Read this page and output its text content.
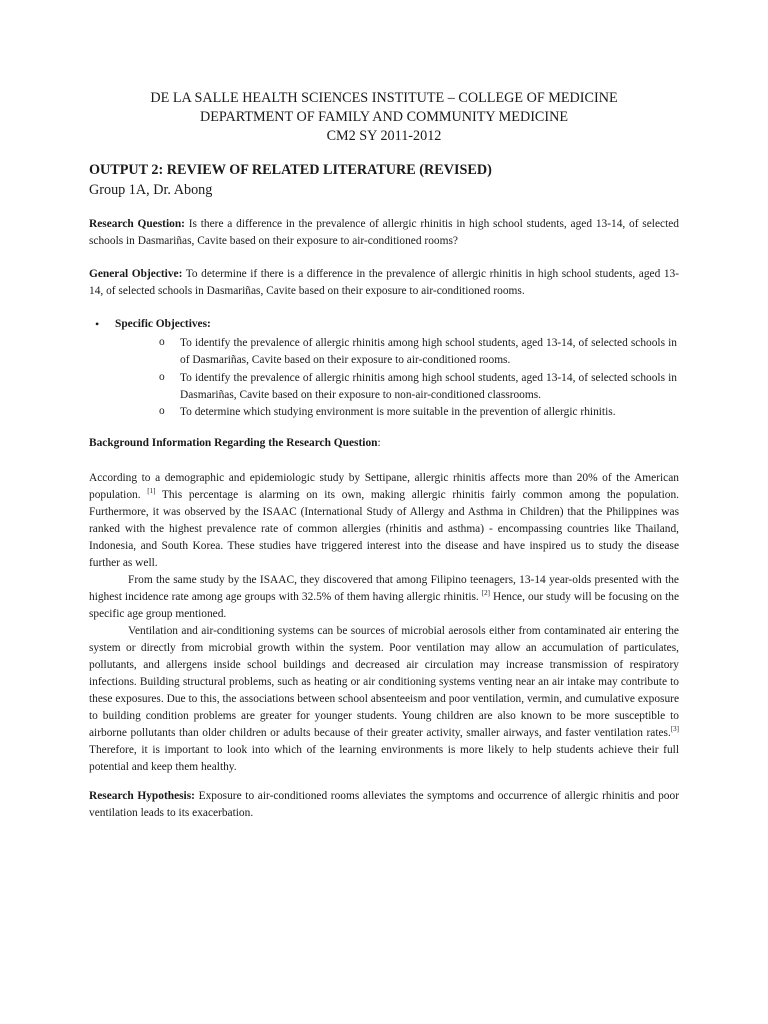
DE LA SALLE HEALTH SCIENCES INSTITUTE – COLLEGE OF MEDICINE
DEPARTMENT OF FAMILY AND COMMUNITY MEDICINE
CM2 SY 2011-2012
OUTPUT 2: REVIEW OF RELATED LITERATURE (REVISED)
Group 1A, Dr. Abong
Research Question: Is there a difference in the prevalence of allergic rhinitis in high school students, aged 13-14, of selected schools in Dasmariñas, Cavite based on their exposure to air-conditioned rooms?
General Objective: To determine if there is a difference in the prevalence of allergic rhinitis in high school students, aged 13-14, of selected schools in Dasmariñas, Cavite based on their exposure to air-conditioned rooms.
• Specific Objectives:
o To identify the prevalence of allergic rhinitis among high school students, aged 13-14, of selected schools in of Dasmariñas, Cavite based on their exposure to air-conditioned rooms.
o To identify the prevalence of allergic rhinitis among high school students, aged 13-14, of selected schools in Dasmariñas, Cavite based on their exposure to non-air-conditioned classrooms.
o To determine which studying environment is more suitable in the prevention of allergic rhinitis.
Background Information Regarding the Research Question:
According to a demographic and epidemiologic study by Settipane, allergic rhinitis affects more than 20% of the American population. [1] This percentage is alarming on its own, making allergic rhinitis fairly common among the population. Furthermore, it was observed by the ISAAC (International Study of Allergy and Asthma in Children) that the Philippines was ranked with the highest prevalence rate of common allergies (rhinitis and asthma) - encompassing countries like Thailand, Indonesia, and South Korea. These studies have triggered interest into the disease and have inspired us to study the disease further as well.
From the same study by the ISAAC, they discovered that among Filipino teenagers, 13-14 year-olds presented with the highest incidence rate among age groups with 32.5% of them having allergic rhinitis. [2] Hence, our study will be focusing on the specific age group mentioned.
Ventilation and air-conditioning systems can be sources of microbial aerosols either from contaminated air entering the system or directly from microbial growth within the system. Poor ventilation may allow an accumulation of particulates, pollutants, and allergens inside school buildings and decreased air circulation may increase transmission of respiratory infections. Building structural problems, such as heating or air conditioning systems venting near an air intake may contribute to these exposures. Due to this, the associations between school absenteeism and poor ventilation, vermin, and cumulative exposure to building condition problems are greater for younger students. Young children are also known to be more susceptible to airborne pollutants than older children or adults because of their greater activity, smaller airways, and faster ventilation rates.[3] Therefore, it is important to look into which of the learning environments is more likely to help students achieve their full potential and keep them healthy.
Research Hypothesis: Exposure to air-conditioned rooms alleviates the symptoms and occurrence of allergic rhinitis and poor ventilation leads to its exacerbation.
